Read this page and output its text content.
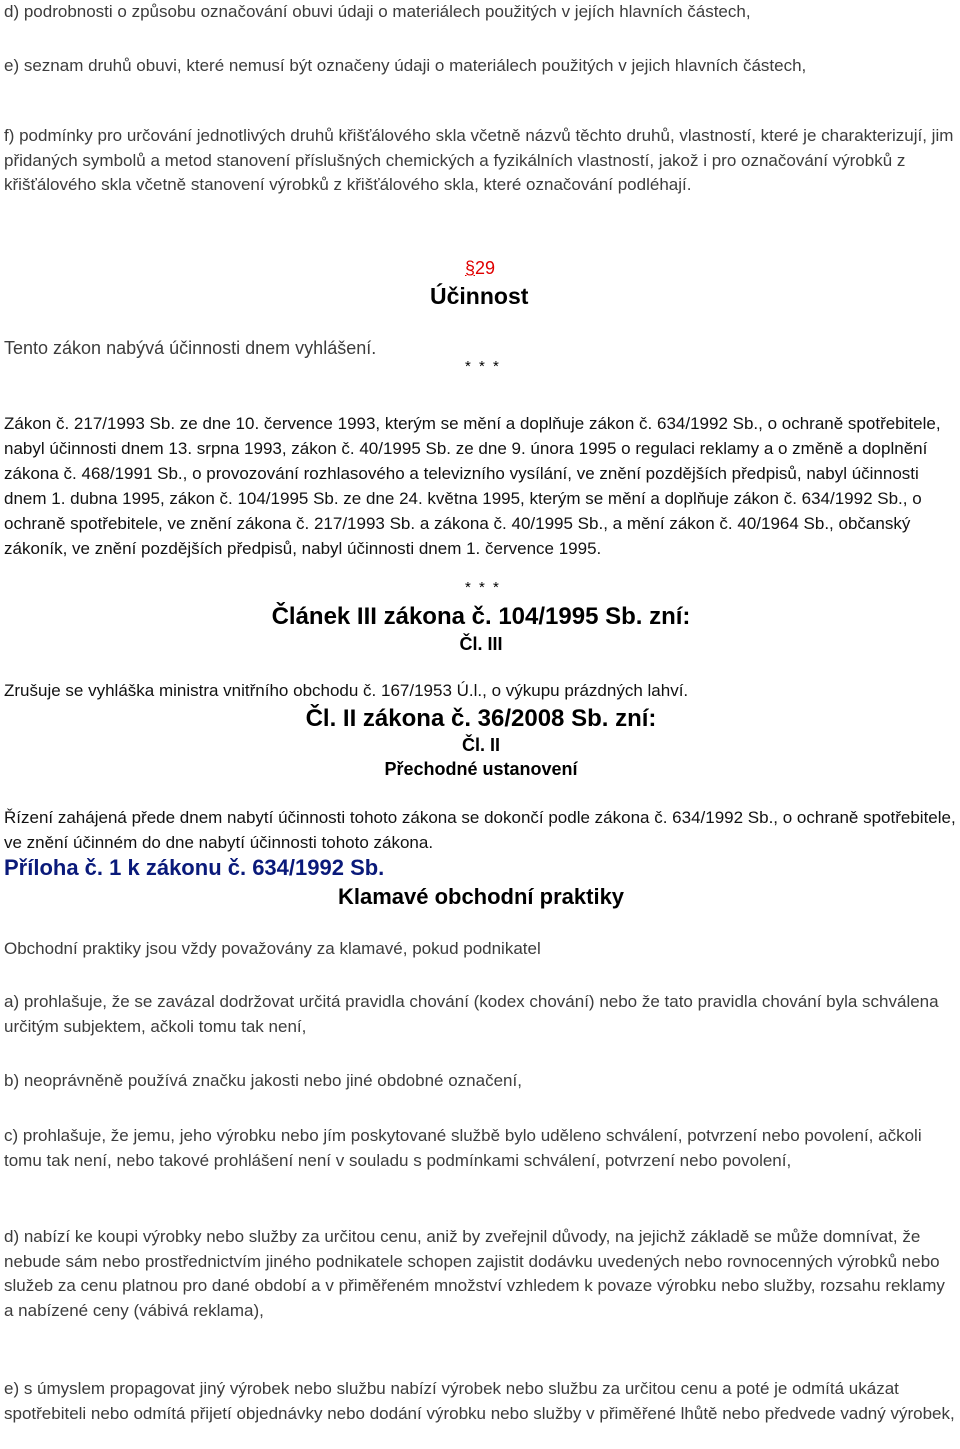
d) podrobnosti o způsobu označování obuvi údaji o materiálech použitých v jejích hlavních částech,

e) seznam druhů obuvi, které nemusí být označeny údaji o materiálech použitých v jejich hlavních částech,

f) podmínky pro určování jednotlivých druhů křišťálového skla včetně názvů těchto druhů, vlastností, které je charakterizují, jim přidaných symbolů a metod stanovení příslušných chemických a fyzikálních vlastností, jakož i pro označování výrobků z křišťálového skla včetně stanovení výrobků z křišťálového skla, které označování podléhají.

§29
Účinnost

Tento zákon nabývá účinnosti dnem vyhlášení.

* * *

Zákon č. 217/1993 Sb. ze dne 10. července 1993, kterým se mění a doplňuje zákon č. 634/1992 Sb., o ochraně spotřebitele, nabyl účinnosti dnem 13. srpna 1993, zákon č. 40/1995 Sb. ze dne 9. února 1995 o regulaci reklamy a o změně a doplnění zákona č. 468/1991 Sb., o provozování rozhlasového a televizního vysílání, ve znění pozdějších předpisů, nabyl účinnosti dnem 1. dubna 1995, zákon č. 104/1995 Sb. ze dne 24. května 1995, kterým se mění a doplňuje zákon č. 634/1992 Sb., o ochraně spotřebitele, ve znění zákona č. 217/1993 Sb. a zákona č. 40/1995 Sb., a mění zákon č. 40/1964 Sb., občanský zákoník, ve znění pozdějších předpisů, nabyl účinnosti dnem 1. července 1995.

* * *
Článek III zákona č. 104/1995 Sb. zní:
Čl. III

Zrušuje se vyhláška ministra vnitřního obchodu č. 167/1953 Ú.l., o výkupu prázdných lahví.

Čl. II zákona č. 36/2008 Sb. zní:
Čl. II
Přechodné ustanovení

Řízení zahájená přede dnem nabytí účinnosti tohoto zákona se dokončí podle zákona č. 634/1992 Sb., o ochraně spotřebitele, ve znění účinném do dne nabytí účinnosti tohoto zákona.

Příloha č. 1 k zákonu č. 634/1992 Sb.
Klamavé obchodní praktiky

Obchodní praktiky jsou vždy považovány za klamavé, pokud podnikatel

a) prohlašuje, že se zavázal dodržovat určitá pravidla chování (kodex chování) nebo že tato pravidla chování byla schválena určitým subjektem, ačkoli tomu tak není,

b) neoprávněně používá značku jakosti nebo jiné obdobné označení,

c) prohlašuje, že jemu, jeho výrobku nebo jím poskytované službě bylo uděleno schválení, potvrzení nebo povolení, ačkoli tomu tak není, nebo takové prohlášení není v souladu s podmínkami schválení, potvrzení nebo povolení,

d) nabízí ke koupi výrobky nebo služby za určitou cenu, aniž by zveřejnil důvody, na jejichž základě se může domnívat, že nebude sám nebo prostřednictvím jiného podnikatele schopen zajistit dodávku uvedených nebo rovnocenných výrobků nebo služeb za cenu platnou pro dané období a v přiměřeném množství vzhledem k povaze výrobku nebo služby, rozsahu reklamy a nabízené ceny (vábivá reklama),

e) s úmyslem propagovat jiný výrobek nebo službu nabízí výrobek nebo službu za určitou cenu a poté je odmítá ukázat spotřebiteli nebo odmítá přijetí objednávky nebo dodání výrobku nebo služby v přiměřené lhůtě nebo předvede vadný výrobek,
